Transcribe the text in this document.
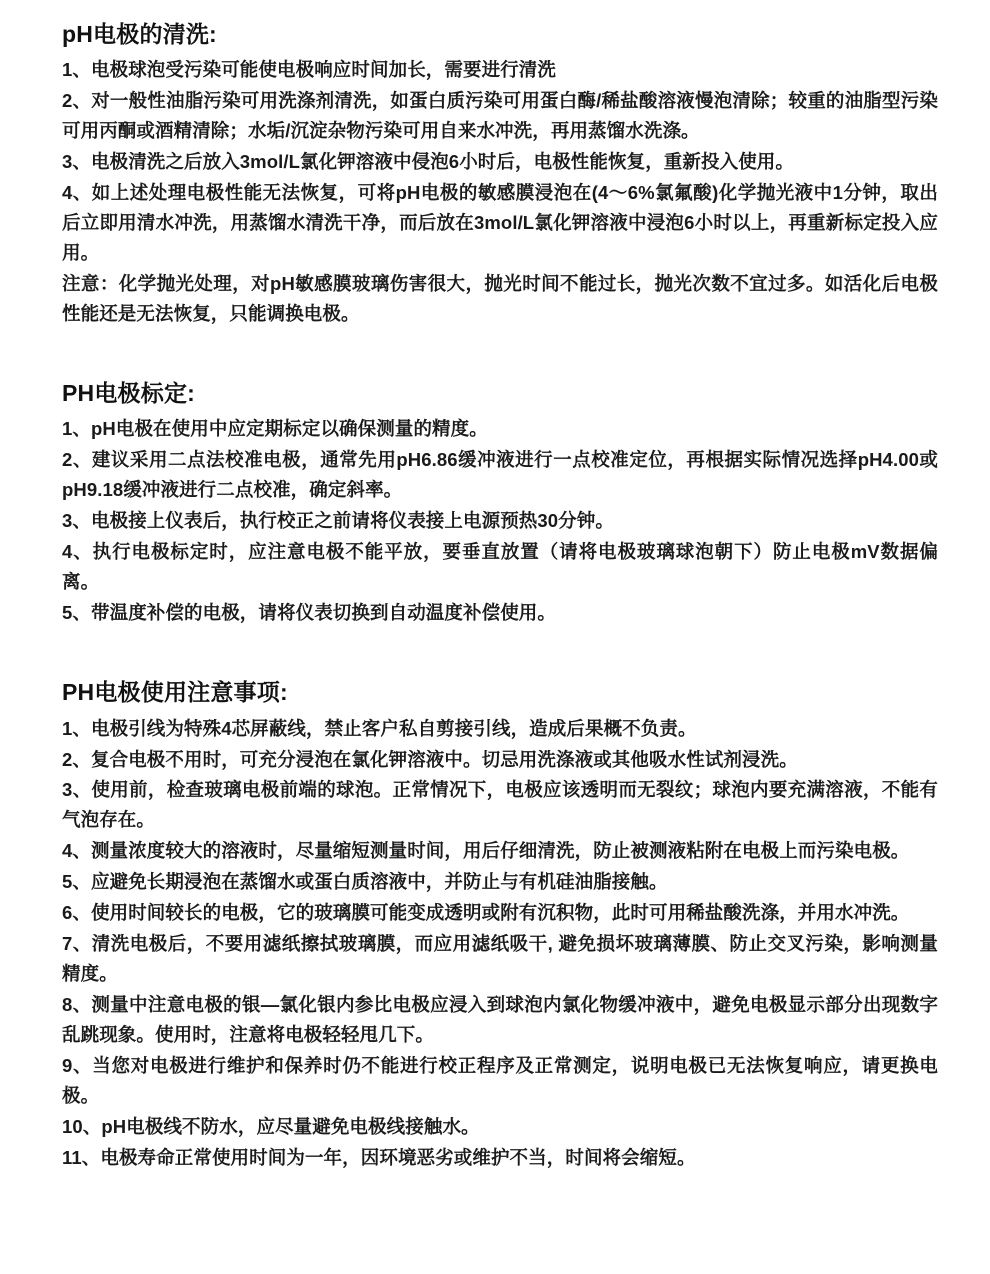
pH电极的清洗:

1、电极球泡受污染可能使电极响应时间加长，需要进行清洗

2、对一般性油脂污染可用洗涤剂清洗，如蛋白质污染可用蛋白酶/稀盐酸溶液慢泡清除；较重的油脂型污染可用丙酮或酒精清除；水垢/沉淀杂物污染可用自来水冲洗，再用蒸馏水洗涤。

3、电极清洗之后放入3mol/L氯化钾溶液中侵泡6小时后，电极性能恢复，重新投入使用。

4、如上述处理电极性能无法恢复，可将pH电极的敏感膜浸泡在(4〜6%氯氟酸)化学抛光液中1分钟，取出后立即用清水冲洗，用蒸馏水清洗干净，而后放在3mol/L氯化钾溶液中浸泡6小时以上，再重新标定投入应用。

注意：化学抛光处理，对pH敏感膜玻璃伤害很大，抛光时间不能过长，抛光次数不宜过多。如活化后电极性能还是无法恢复，只能调换电极。

PH电极标定:

1、pH电极在使用中应定期标定以确保测量的精度。

2、建议采用二点法校准电极，通常先用pH6.86缓冲液进行一点校准定位，再根据实际情况选择pH4.00或pH9.18缓冲液进行二点校准，确定斜率。

3、电极接上仪表后，执行校正之前请将仪表接上电源预热30分钟。

4、执行电极标定时，应注意电极不能平放，要垂直放置（请将电极玻璃球泡朝下）防止电极mV数据偏离。

5、带温度补偿的电极，请将仪表切换到自动温度补偿使用。

PH电极使用注意事项:

1、电极引线为特殊4芯屏蔽线，禁止客户私自剪接引线，造成后果概不负责。

2、复合电极不用时，可充分浸泡在氯化钾溶液中。切忌用洗涤液或其他吸水性试剂浸洗。

3、使用前，检查玻璃电极前端的球泡。正常情况下，电极应该透明而无裂纹；球泡内要充满溶液，不能有气泡存在。

4、测量浓度较大的溶液时，尽量缩短测量时间，用后仔细清洗，防止被测液粘附在电极上而污染电极。

5、应避免长期浸泡在蒸馏水或蛋白质溶液中，并防止与有机硅油脂接触。

6、使用时间较长的电极，它的玻璃膜可能变成透明或附有沉积物，此时可用稀盐酸洗涤，并用水冲洗。

7、清洗电极后，不要用滤纸擦拭玻璃膜，而应用滤纸吸干, 避免损坏玻璃薄膜、防止交叉污染，影响测量精度。

8、测量中注意电极的银—氯化银内参比电极应浸入到球泡内氯化物缓冲液中，避免电极显示部分出现数字乱跳现象。使用时，注意将电极轻轻甩几下。

9、当您对电极进行维护和保养时仍不能进行校正程序及正常测定，说明电极已无法恢复响应，请更换电极。

10、pH电极线不防水，应尽量避免电极线接触水。

11、电极寿命正常使用时间为一年，因环境恶劣或维护不当，时间将会缩短。
